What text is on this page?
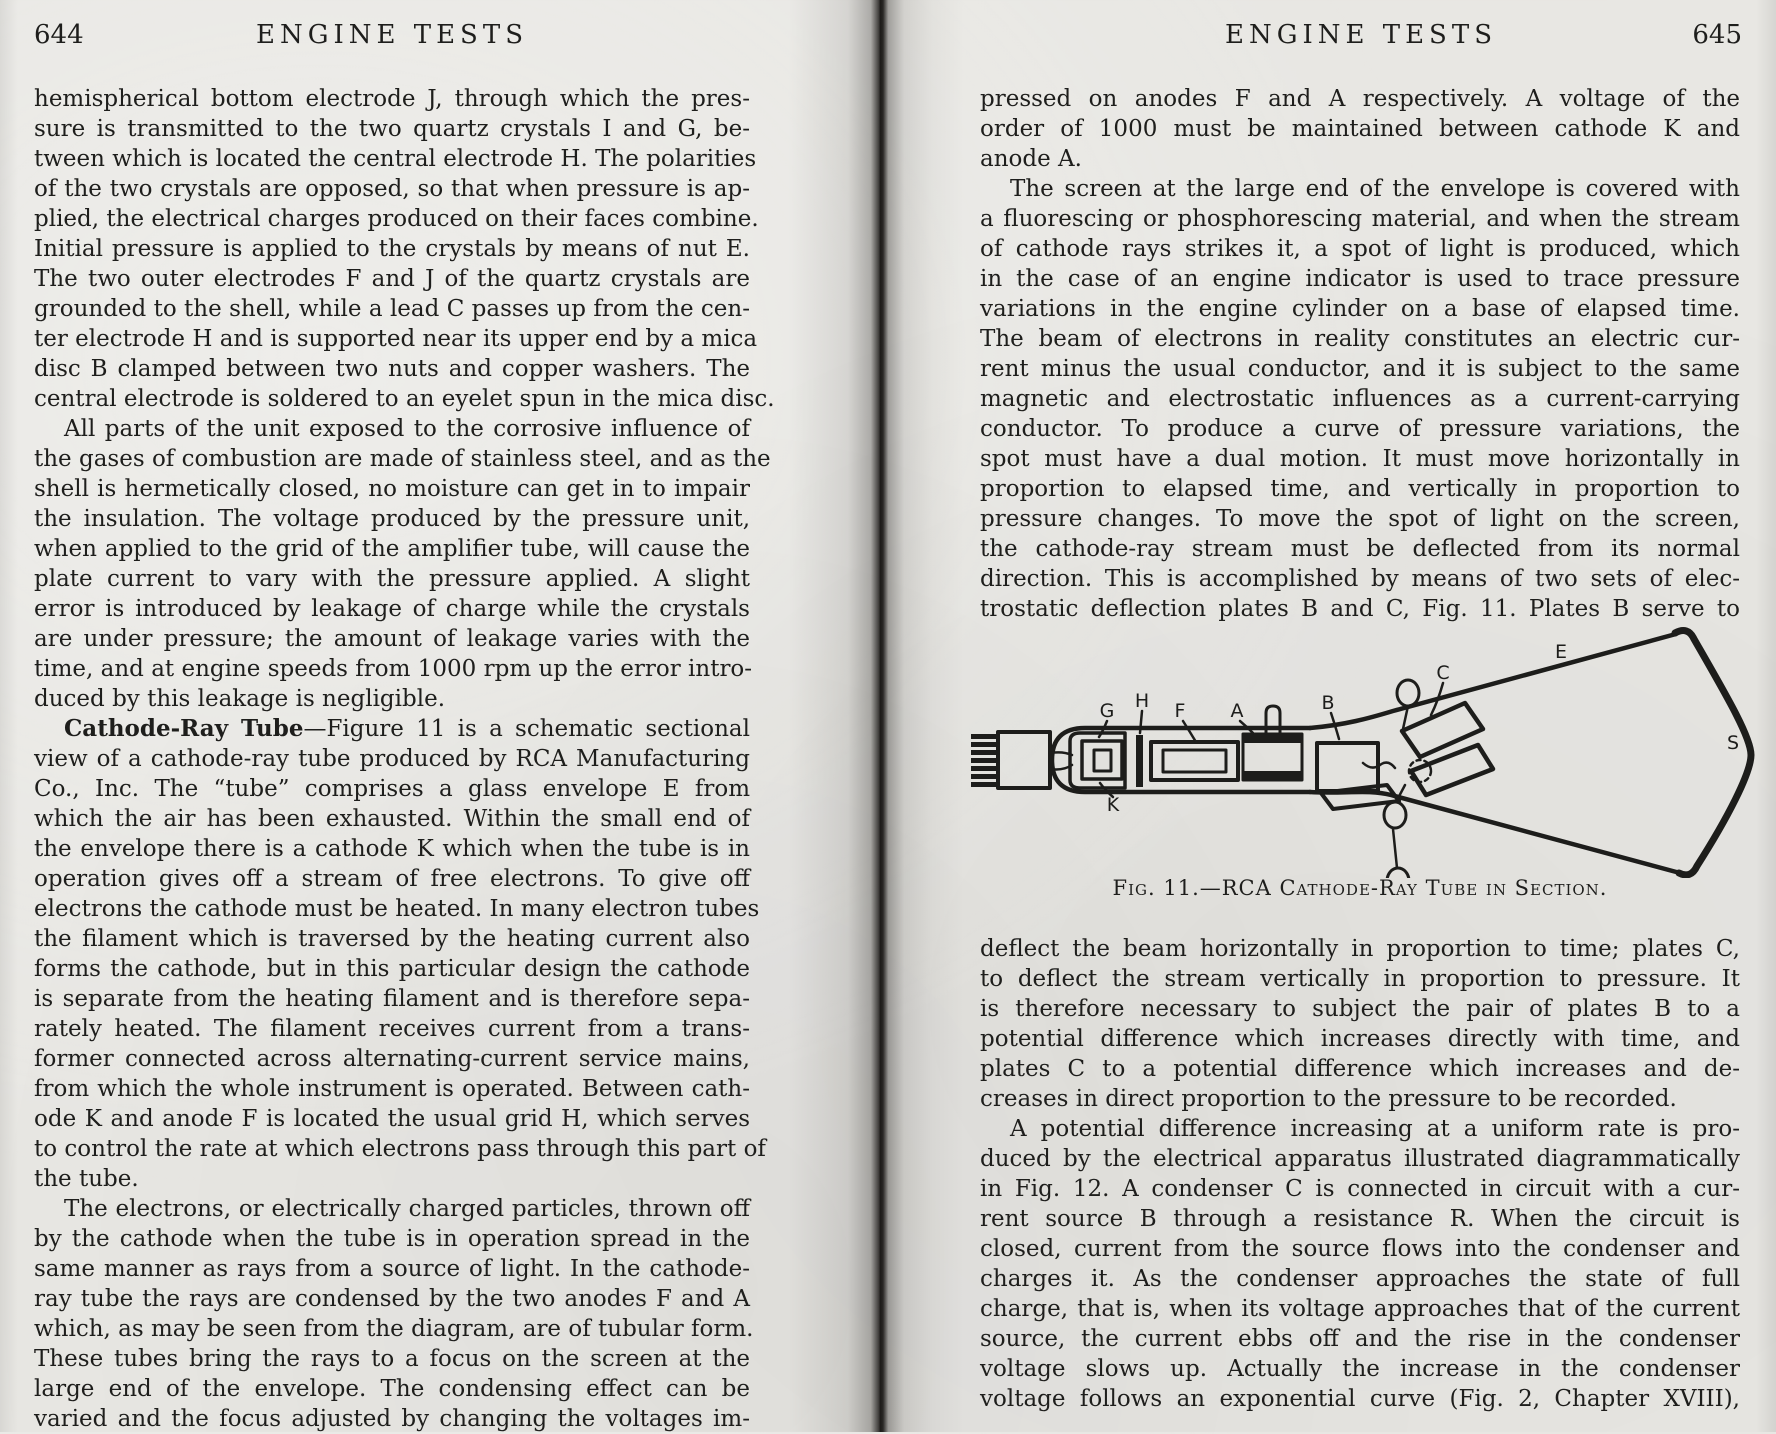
644	ENGINE TESTS	ENGINE TESTS	645
hemispherical bottom electrode J, through which the pres-
sure is transmitted to the two quartz crystals I and G, be-
tween which is located the central electrode H. The polarities
of the two crystals are opposed, so that when pressure is ap-
plied, the electrical charges produced on their faces combine.
Initial pressure is applied to the crystals by means of nut E.
The two outer electrodes F and J of the quartz crystals are
grounded to the shell, while a lead C passes up from the cen-
ter electrode H and is supported near its upper end by a mica
disc B clamped between two nuts and copper washers. The
central electrode is soldered to an eyelet spun in the mica disc.
All parts of the unit exposed to the corrosive influence of
the gases of combustion are made of stainless steel, and as the
shell is hermetically closed, no moisture can get in to impair
the insulation. The voltage produced by the pressure unit,
when applied to the grid of the amplifier tube, will cause the
plate current to vary with the pressure applied. A slight
error is introduced by leakage of charge while the crystals
are under pressure; the amount of leakage varies with the
time, and at engine speeds from 1000 rpm up the error intro-
duced by this leakage is negligible.
Cathode-Ray Tube—Figure 11 is a schematic sectional
view of a cathode-ray tube produced by RCA Manufacturing
Co., Inc. The “tube” comprises a glass envelope E from
which the air has been exhausted. Within the small end of
the envelope there is a cathode K which when the tube is in
operation gives off a stream of free electrons. To give off
electrons the cathode must be heated. In many electron tubes
the filament which is traversed by the heating current also
forms the cathode, but in this particular design the cathode
is separate from the heating filament and is therefore sepa-
rately heated. The filament receives current from a trans-
former connected across alternating-current service mains,
from which the whole instrument is operated. Between cath-
ode K and anode F is located the usual grid H, which serves
to control the rate at which electrons pass through this part of
the tube.
The electrons, or electrically charged particles, thrown off
by the cathode when the tube is in operation spread in the
same manner as rays from a source of light. In the cathode-
ray tube the rays are condensed by the two anodes F and A
which, as may be seen from the diagram, are of tubular form.
These tubes bring the rays to a focus on the screen at the
large end of the envelope. The condensing effect can be
varied and the focus adjusted by changing the voltages im-
pressed on anodes F and A respectively. A voltage of the
order of 1000 must be maintained between cathode K and
anode A.
The screen at the large end of the envelope is covered with
a fluorescing or phosphorescing material, and when the stream
of cathode rays strikes it, a spot of light is produced, which
in the case of an engine indicator is used to trace pressure
variations in the engine cylinder on a base of elapsed time.
The beam of electrons in reality constitutes an electric cur-
rent minus the usual conductor, and it is subject to the same
magnetic and electrostatic influences as a current-carrying
conductor. To produce a curve of pressure variations, the
spot must have a dual motion. It must move horizontally in
proportion to elapsed time, and vertically in proportion to
pressure changes. To move the spot of light on the screen,
the cathode-ray stream must be deflected from its normal
direction. This is accomplished by means of two sets of elec-
trostatic deflection plates B and C, Fig. 11. Plates B serve to
G H F A	B
C
E
S
K
Fig. 11.—RCA Cathode-Ray Tube in Section.
deflect the beam horizontally in proportion to time; plates C,
to deflect the stream vertically in proportion to pressure. It
is therefore necessary to subject the pair of plates B to a
potential difference which increases directly with time, and
plates C to a potential difference which increases and de-
creases in direct proportion to the pressure to be recorded.
A potential difference increasing at a uniform rate is pro-
duced by the electrical apparatus illustrated diagrammatically
in Fig. 12. A condenser C is connected in circuit with a cur-
rent source B through a resistance R. When the circuit is
closed, current from the source flows into the condenser and
charges it. As the condenser approaches the state of full
charge, that is, when its voltage approaches that of the current
source, the current ebbs off and the rise in the condenser
voltage slows up. Actually the increase in the condenser
voltage follows an exponential curve (Fig. 2, Chapter XVIII),
